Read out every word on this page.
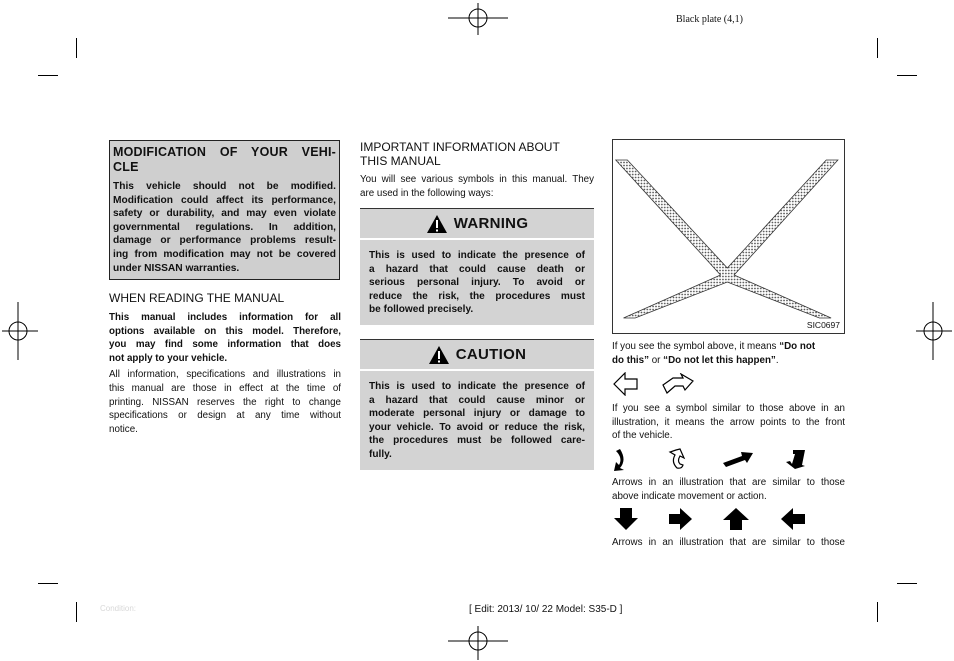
Black plate (4,1)
MODIFICATION OF YOUR VEHI-
CLE

This vehicle should not be modified.
Modification could affect its performance,
safety or durability, and may even violate
governmental regulations. In addition,
damage or performance problems result-
ing from modification may not be covered
under NISSAN warranties.

WHEN READING THE MANUAL
This manual includes information for all
options available on this model. Therefore,
you may find some information that does
not apply to your vehicle.
All information, specifications and illustrations in
this manual are those in effect at the time of
printing. NISSAN reserves the right to change
specifications or design at any time without
notice.
IMPORTANT INFORMATION ABOUT
THIS MANUAL
You will see various symbols in this manual. They
are used in the following ways:
WARNING
This is used to indicate the presence of
a hazard that could cause death or
serious personal injury. To avoid or
reduce the risk, the procedures must
be followed precisely.
CAUTION
This is used to indicate the presence of
a hazard that could cause minor or
moderate personal injury or damage to
your vehicle. To avoid or reduce the risk,
the procedures must be followed care-
fully.
SIC0697
If you see the symbol above, it means “Do not
do this” or “Do not let this happen”.
If you see a symbol similar to those above in an
illustration, it means the arrow points to the front
of the vehicle.
Arrows in an illustration that are similar to those
above indicate movement or action.
Arrows in an illustration that are similar to those
Condition:	[ Edit: 2013/ 10/ 22 Model: S35-D ]
